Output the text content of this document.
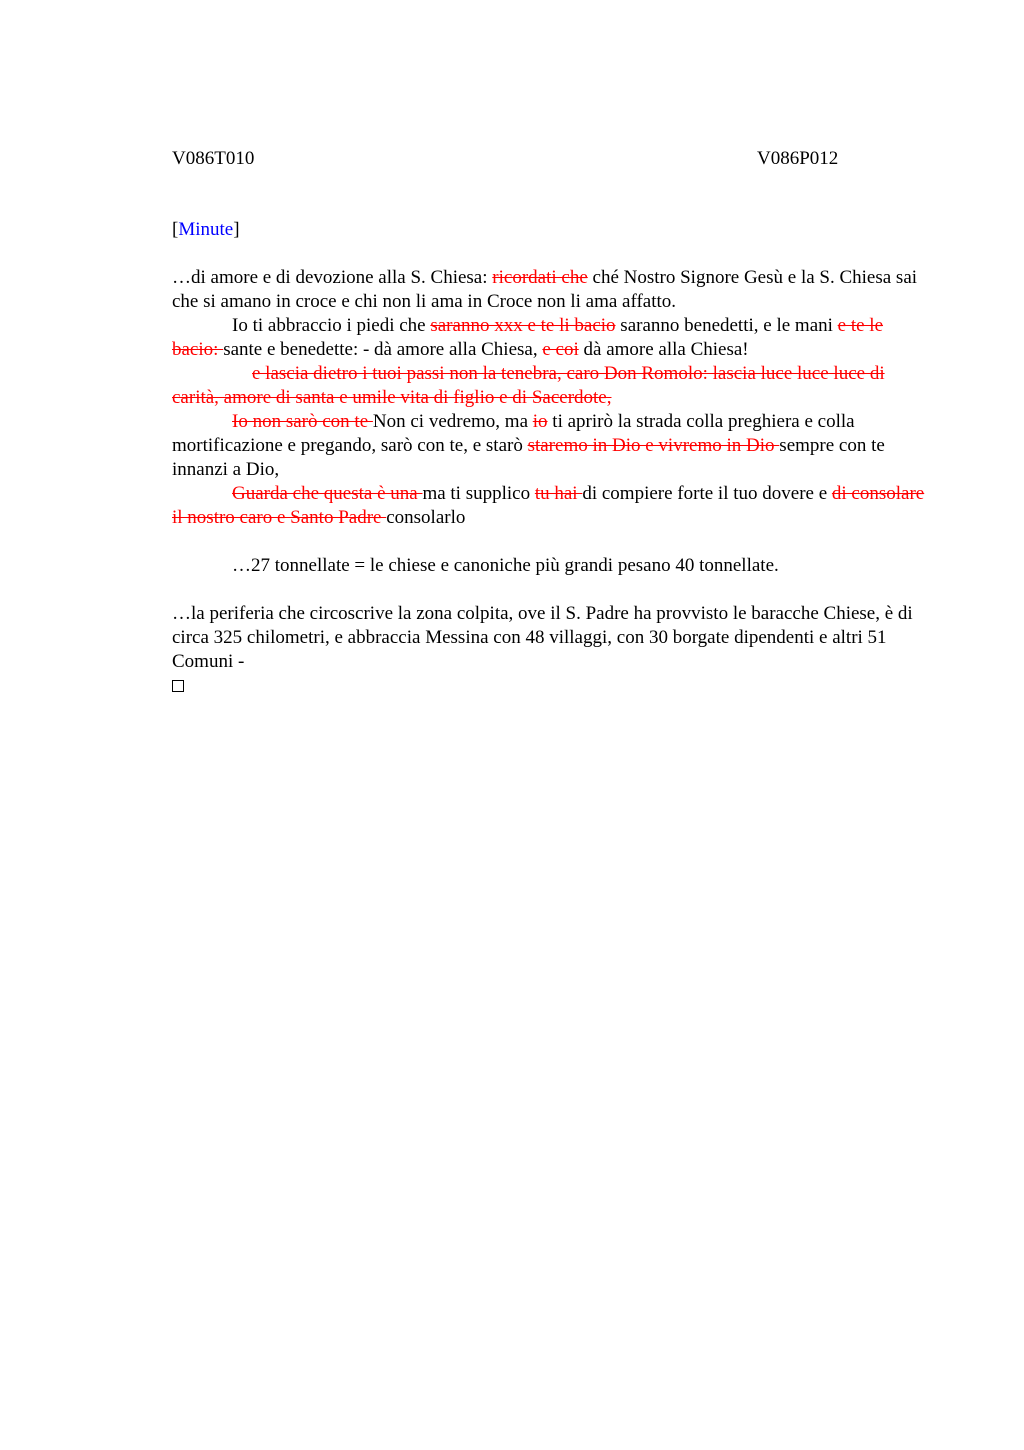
V086T010	V086P012
[Minute]

…di amore e di devozione alla S. Chiesa: ricordati che ché Nostro Signore Gesù e la S. Chiesa sai che si amano in croce e chi non li ama in Croce non li ama affatto.

Io ti abbraccio i piedi che saranno xxx e te li bacio saranno benedetti, e le mani e te le bacio: sante e benedette: - dà amore alla Chiesa, e coi dà amore alla Chiesa!

e lascia dietro i tuoi passi non la tenebra, caro Don Romolo: lascia luce luce luce di carità, amore di santa e umile vita di figlio e di Sacerdote,

Io non sarò con te Non ci vedremo, ma io ti aprirò la strada colla preghiera e colla mortificazione e pregando, sarò con te, e starò staremo in Dio e vivremo in Dio sempre con te innanzi a Dio,

Guarda che questa è una ma ti supplico tu hai di compiere forte il tuo dovere e di consolare il nostro caro e Santo Padre consolarlo

…27 tonnellate = le chiese e canoniche più grandi pesano 40 tonnellate.

…la periferia che circoscrive la zona colpita, ove il S. Padre ha provvisto le baracche Chiese, è di circa 325 chilometri, e abbraccia Messina con 48 villaggi, con 30 borgate dipendenti e altri 51 Comuni -
